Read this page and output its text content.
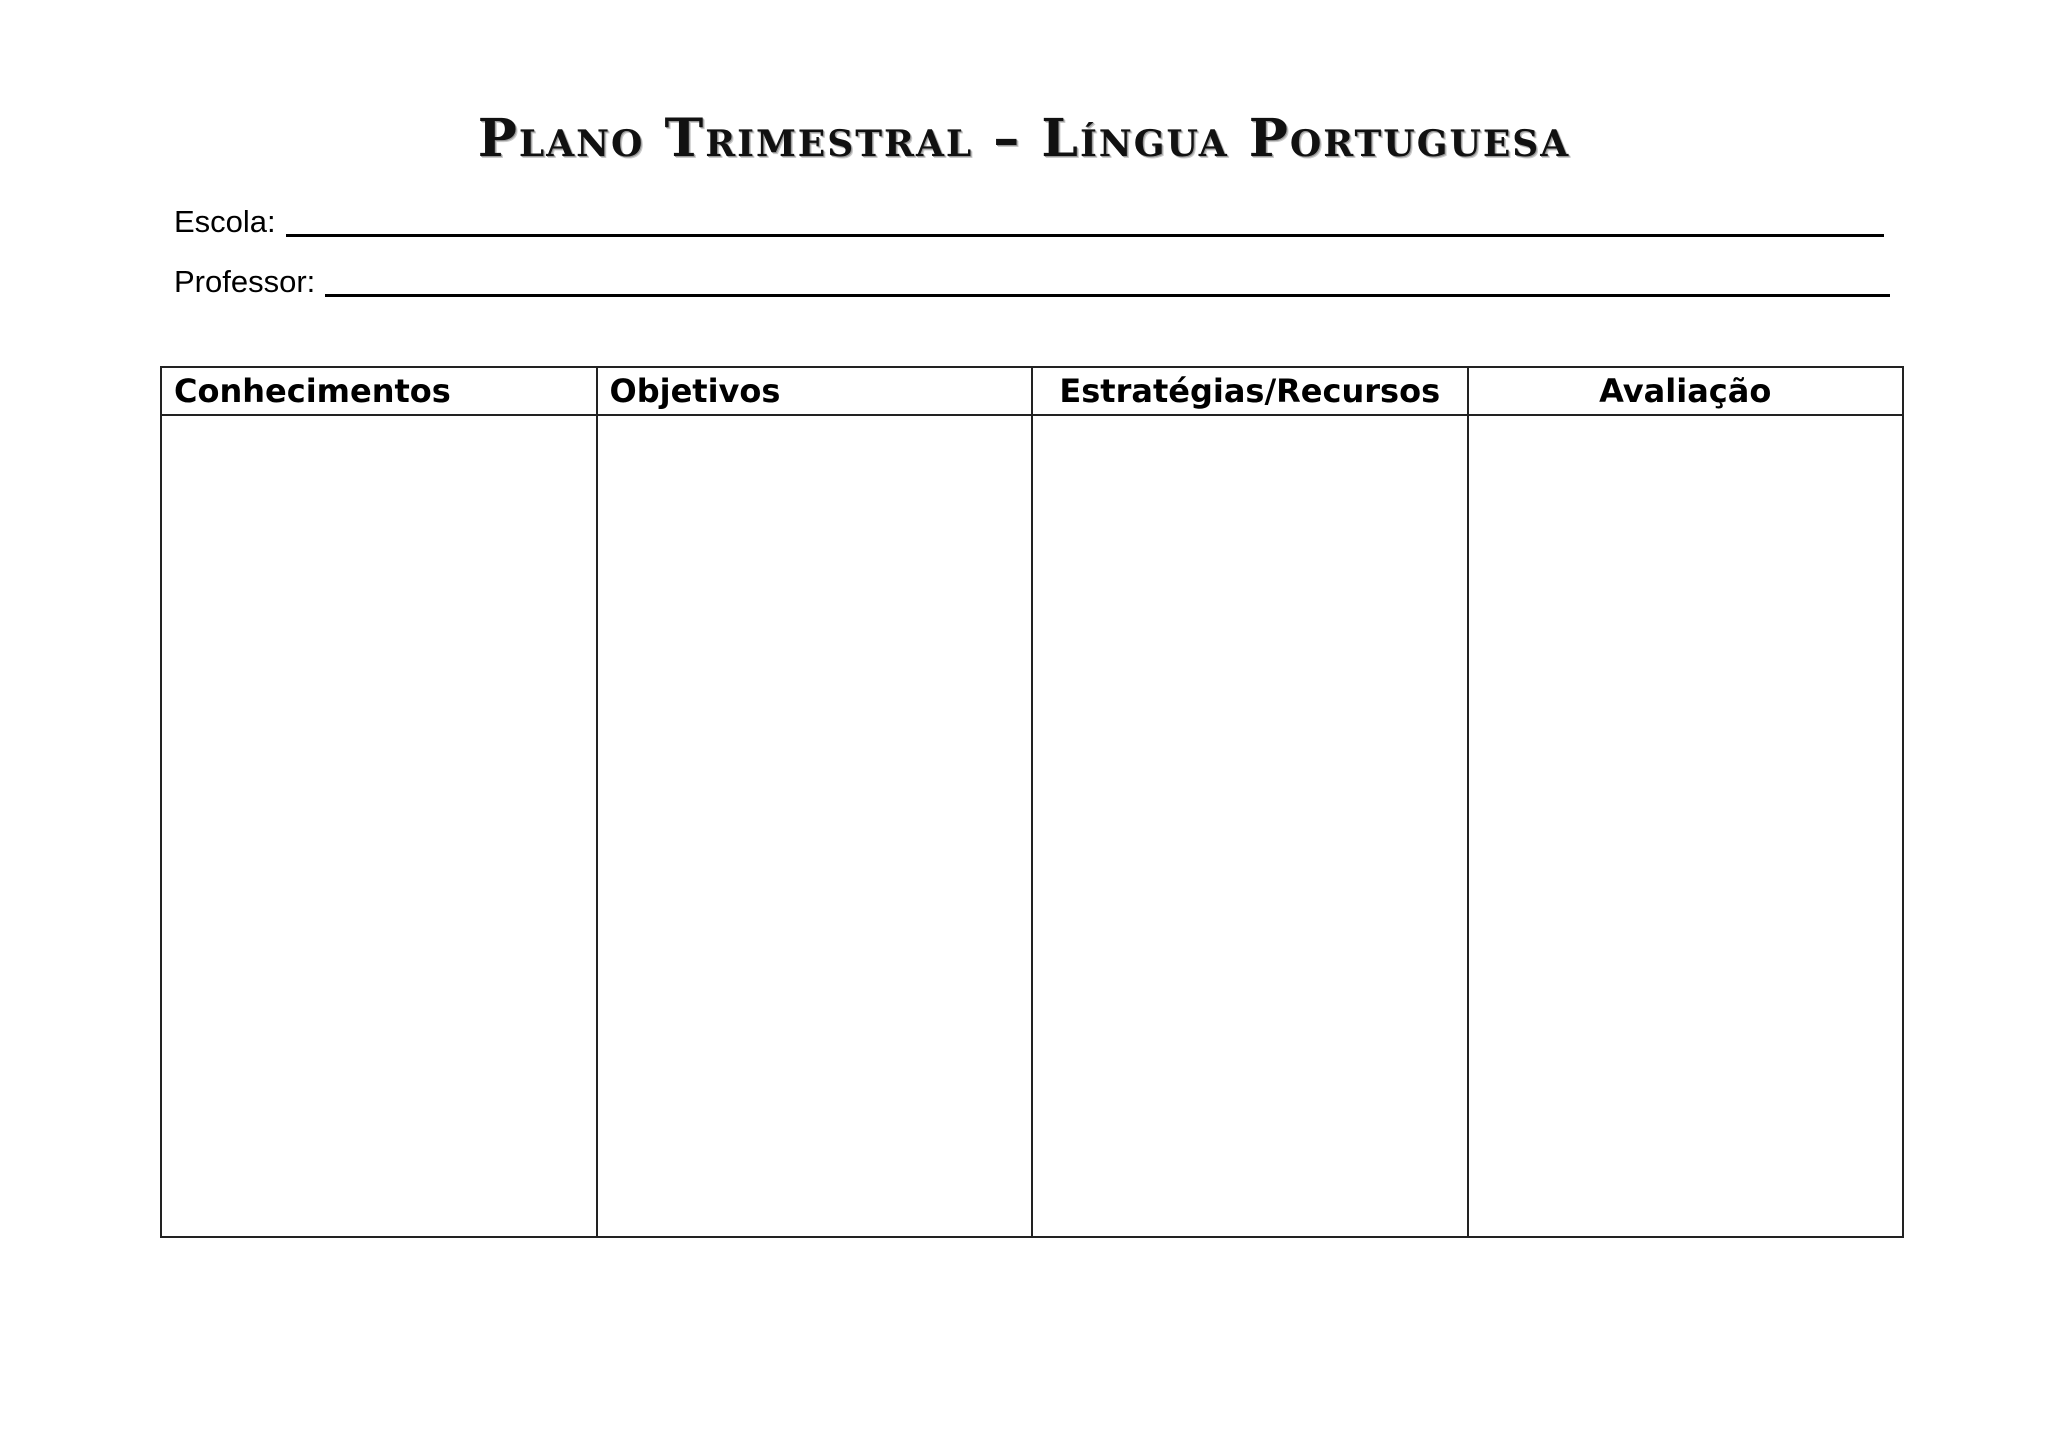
Plano Trimestral – Língua Portuguesa
Escola:
Professor:
Conhecimentos	Objetivos	Estratégias/Recursos	Avaliação
